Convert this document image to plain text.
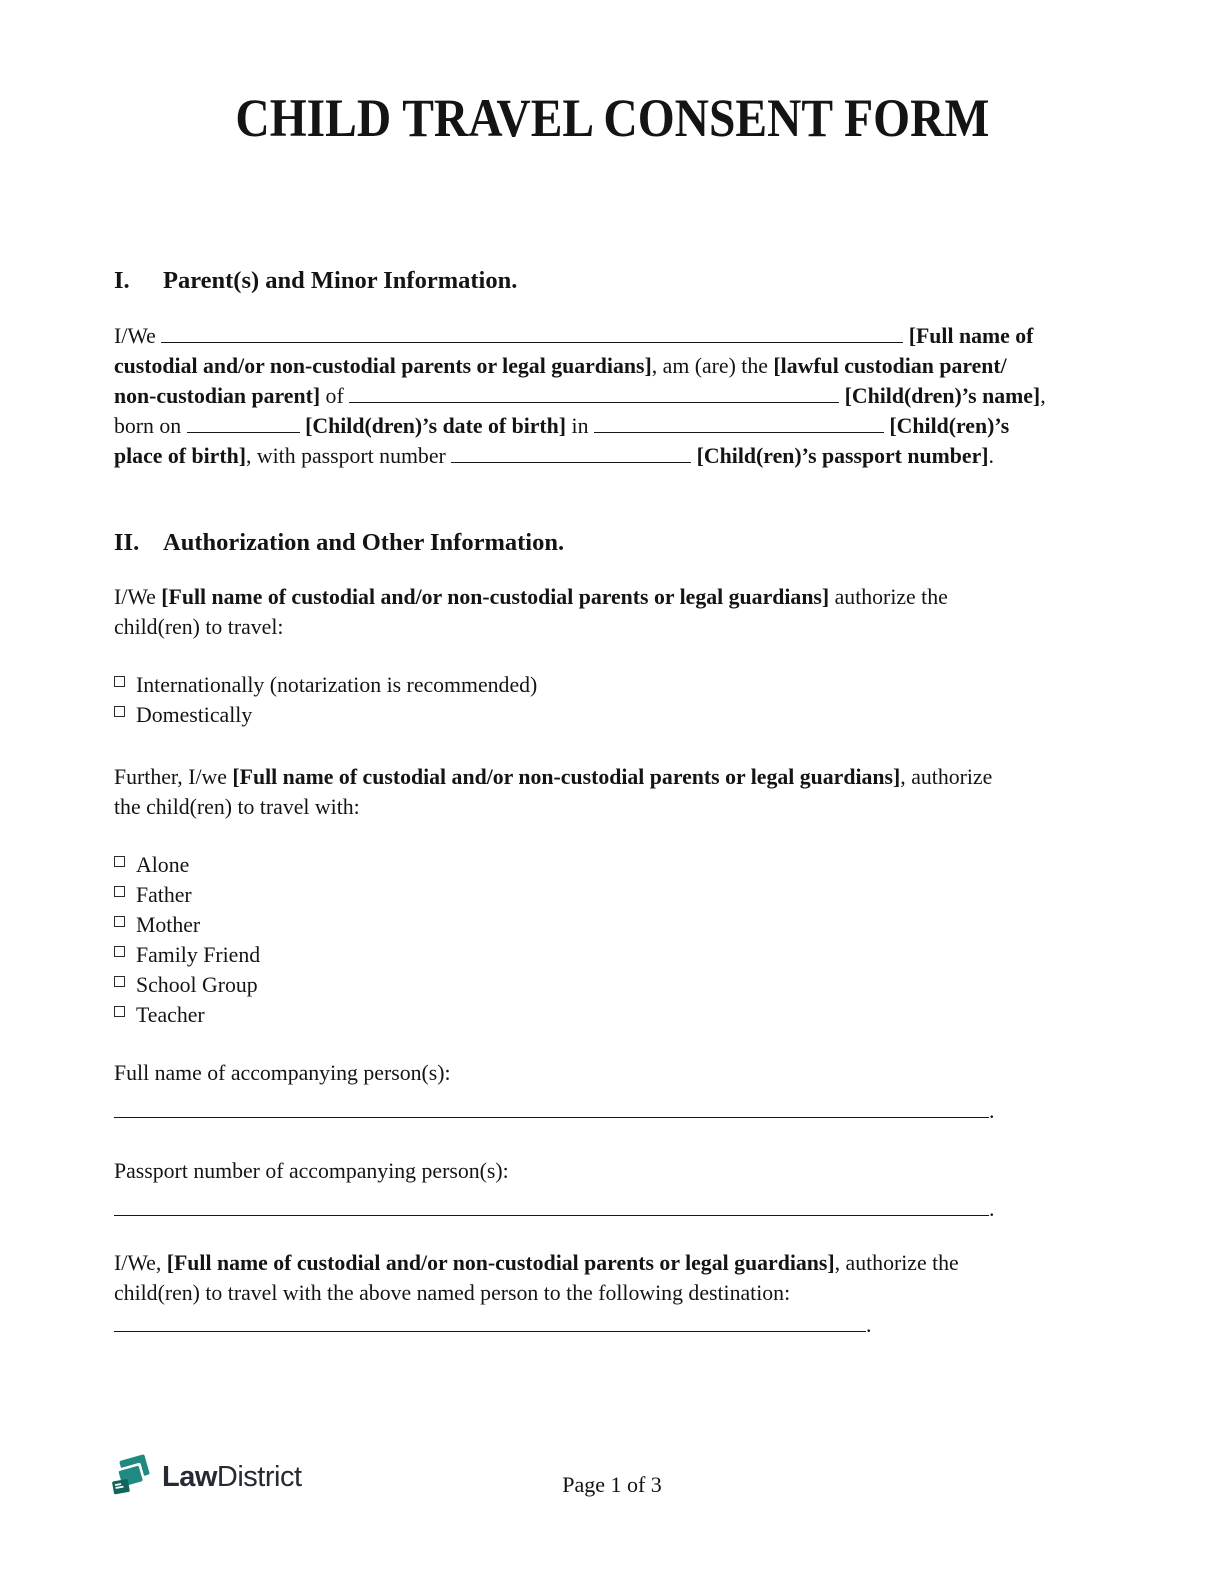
CHILD TRAVEL CONSENT FORM
I. Parent(s) and Minor Information.
I/We	[Full name of
custodial and/or non-custodial parents or legal guardians], am (are) the [lawful custodian parent/
non-custodian parent] of	[Child(dren)’s name],
born on	[Child(dren)’s date of birth] in	[Child(ren)’s
place of birth], with passport number	[Child(ren)’s passport number].
II. Authorization and Other Information.
I/We [Full name of custodial and/or non-custodial parents or legal guardians] authorize the
child(ren) to travel:
Internationally (notarization is recommended)
Domestically
Further, I/we [Full name of custodial and/or non-custodial parents or legal guardians], authorize
the child(ren) to travel with:
Alone
Father
Mother
Family Friend
School Group
Teacher
Full name of accompanying person(s):
.
Passport number of accompanying person(s):
.
I/We, [Full name of custodial and/or non-custodial parents or legal guardians], authorize the
child(ren) to travel with the above named person to the following destination:
.
LawDistrict	Page 1 of 3
